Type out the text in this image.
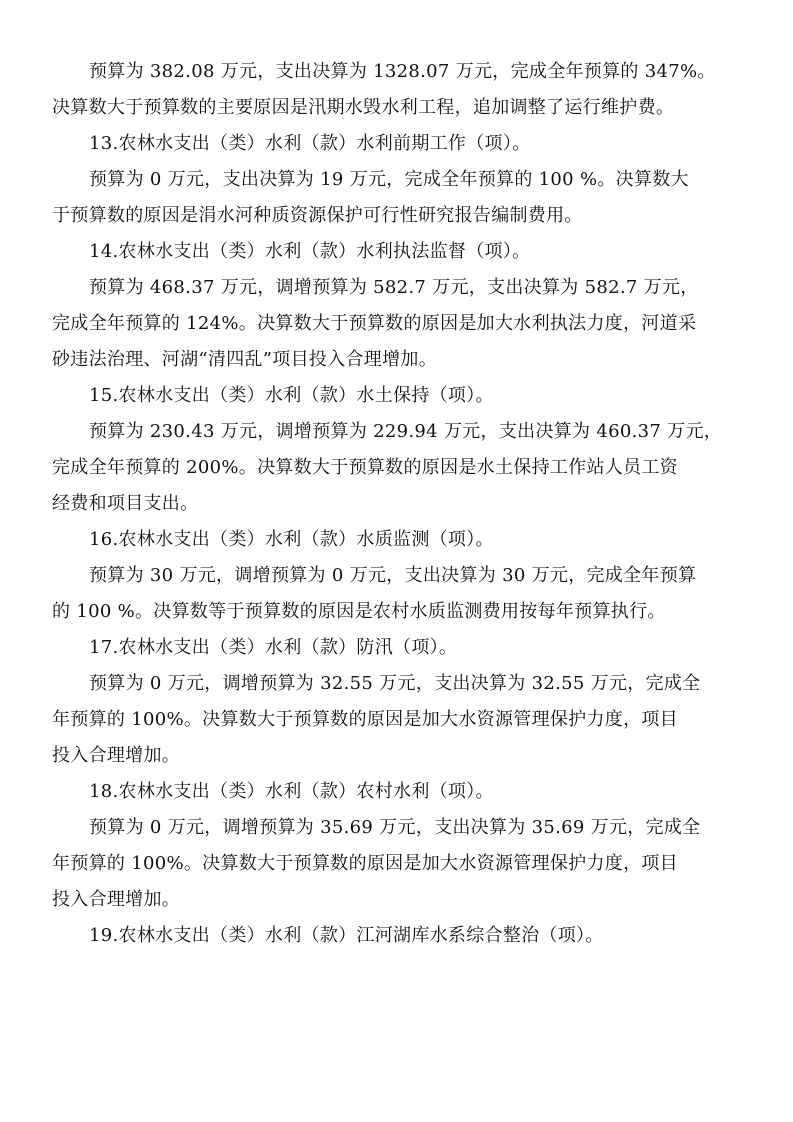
预算为 382.08 万元，支出决算为 1328.07 万元，完成全年预算的 347%。
决算数大于预算数的主要原因是汛期水毁水利工程，追加调整了运行维护费。
13.农林水支出（类）水利（款）水利前期工作（项）。
预算为 0 万元，支出决算为 19 万元，完成全年预算的 100 %。决算数大
于预算数的原因是涓水河种质资源保护可行性研究报告编制费用。
14.农林水支出（类）水利（款）水利执法监督（项）。
预算为 468.37 万元，调增预算为 582.7 万元，支出决算为 582.7 万元，
完成全年预算的 124%。决算数大于预算数的原因是加大水利执法力度，河道采
砂违法治理、河湖“清四乱”项目投入合理增加。
15.农林水支出（类）水利（款）水土保持（项）。
预算为 230.43 万元，调增预算为 229.94 万元，支出决算为 460.37 万元，
完成全年预算的 200%。决算数大于预算数的原因是水土保持工作站人员工资
经费和项目支出。
16.农林水支出（类）水利（款）水质监测（项）。
预算为 30 万元，调增预算为 0 万元，支出决算为 30 万元，完成全年预算
的 100 %。决算数等于预算数的原因是农村水质监测费用按每年预算执行。
17.农林水支出（类）水利（款）防汛（项）。
预算为 0 万元，调增预算为 32.55 万元，支出决算为 32.55 万元，完成全
年预算的 100%。决算数大于预算数的原因是加大水资源管理保护力度，项目
投入合理增加。
18.农林水支出（类）水利（款）农村水利（项）。
预算为 0 万元，调增预算为 35.69 万元，支出决算为 35.69 万元，完成全
年预算的 100%。决算数大于预算数的原因是加大水资源管理保护力度，项目
投入合理增加。
19.农林水支出（类）水利（款）江河湖库水系综合整治（项）。
